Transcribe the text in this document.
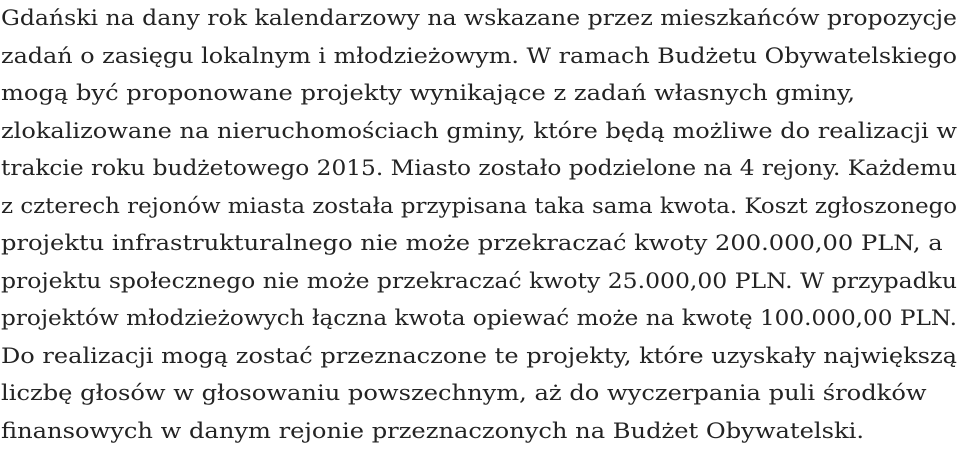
Gdański na dany rok kalendarzowy na wskazane przez mieszkańców propozycje
zadań o zasięgu lokalnym i młodzieżowym. W ramach Budżetu Obywatelskiego
mogą być proponowane projekty wynikające z zadań własnych gminy,
zlokalizowane na nieruchomościach gminy, które będą możliwe do realizacji w
trakcie roku budżetowego 2015. Miasto zostało podzielone na 4 rejony. Każdemu
z czterech rejonów miasta została przypisana taka sama kwota. Koszt zgłoszonego
projektu infrastrukturalnego nie może przekraczać kwoty 200.000,00 PLN, a
projektu społecznego nie może przekraczać kwoty 25.000,00 PLN. W przypadku
projektów młodzieżowych łączna kwota opiewać może na kwotę 100.000,00 PLN.
Do realizacji mogą zostać przeznaczone te projekty, które uzyskały największą
liczbę głosów w głosowaniu powszechnym, aż do wyczerpania puli środków
finansowych w danym rejonie przeznaczonych na Budżet Obywatelski.
